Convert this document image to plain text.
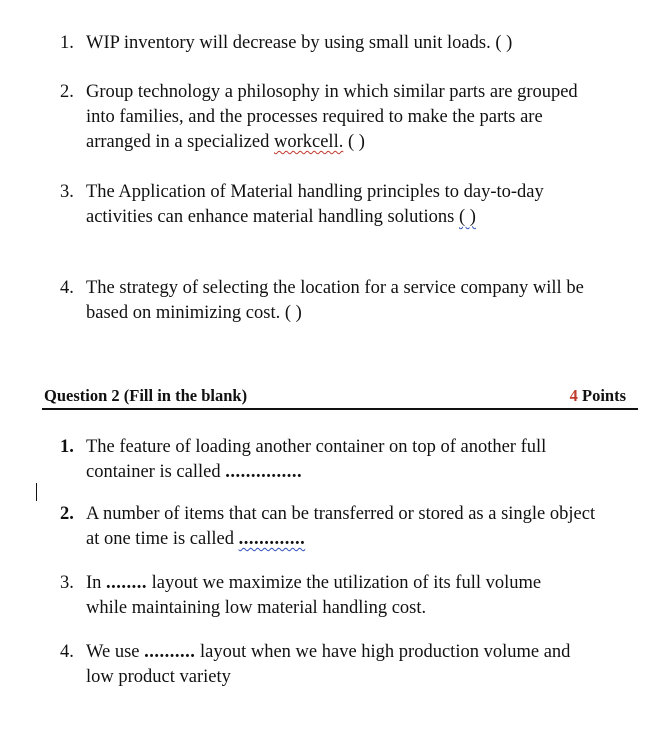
1. WIP inventory will decrease by using small unit loads. ( )
2. Group technology a philosophy in which similar parts are grouped
into families, and the processes required to make the parts are
arranged in a specialized workcell. ( )
3. The Application of Material handling principles to day-to-day
activities can enhance material handling solutions ( )
4. The strategy of selecting the location for a service company will be
based on minimizing cost. ( )
Question 2 (Fill in the blank)	4 Points
1. The feature of loading another container on top of another full
container is called ...............
2. A number of items that can be transferred or stored as a single object
at one time is called .............
3. In ........ layout we maximize the utilization of its full volume
while maintaining low material handling cost.
4. We use .......... layout when we have high production volume and
low product variety
